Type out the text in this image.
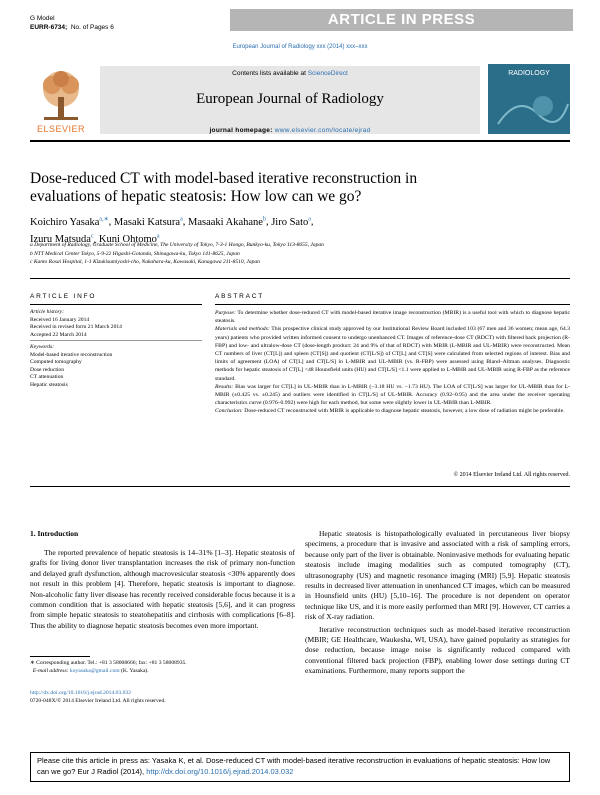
G Model
EURR-6734; No. of Pages 6	ARTICLE IN PRESS
European Journal of Radiology xxx (2014) xxx–xxx
ELSEVIER
Contents lists available at ScienceDirect
European Journal of Radiology
journal homepage: www.elsevier.com/locate/ejrad
RADIOLOGY
Dose-reduced CT with model-based iterative reconstruction in evaluations of hepatic steatosis: How low can we go?
Koichiro Yasaka$^{a,∗}$, Masaki Katsura$^a$, Masaaki Akahane$^b$, Jiro Sato$^a$,
Izuru Matsuda$^c$, Kuni Ohtomo$^a$
a Department of Radiology, Graduate School of Medicine, The University of Tokyo, 7-3-1 Hongo, Bunkyo-ku, Tokyo 113-8655, Japan
b NTT Medical Center Tokyo, 5-9-22 Higashi-Gotanda, Shinagawa-ku, Tokyo 141-8625, Japan
c Kanto Rosai Hospital, 1-1 Kizukisumiyoshi-cho, Nakahara-ku, Kawasaki, Kanagawa 211-8510, Japan
ARTICLE INFO
Article history:
Received 16 January 2014
Received in revised form 21 March 2014
Accepted 22 March 2014
Keywords:
Model-based iterative reconstruction
Computed tomography
Dose reduction
CT attenuation
Hepatic steatosis
ABSTRACT
Purpose: To determine whether dose-reduced CT with model-based iterative image reconstruction (MBIR) is a useful tool with which to diagnose hepatic steatosis.
Materials and methods: This prospective clinical study approved by our Institutional Review Board included 103 (67 men and 36 women; mean age, 64.3 years) patients who provided written informed consent to undergo unenhanced CT. Images of reference-dose CT (RDCT) with filtered back projection (R-FBP) and low- and ultralow-dose CT (dose-length product: 24 and 9% of that of RDCT) with MBIR (L-MBIR and UL-MBIR) were reconstructed. Mean CT numbers of liver (CT[L]) and spleen (CT[S]) and quotient (CT[L/S]) of CT[L] and CT[S] were calculated from selected regions of interest. Bias and limits of agreement (LOA) of CT[L] and CT[L/S] in L-MBIR and UL-MBIR (vs. R-FBP) were assessed using Bland–Altman analyses. Diagnostic methods for hepatic steatosis of CT[L] <48 Hounsfield units (HU) and CT[L/S] <1.1 were applied to L-MBIR and UL-MBIR using R-FBP as the reference standard.
Results: Bias was larger for CT[L] in UL-MBIR than in L-MBIR (−3.18 HU vs. −1.73 HU). The LOA of CT[L/S] was larger for UL-MBIR than for L-MBIR (±0.425 vs. ±0.245) and outliers were identified in CT[L/S] of UL-MBIR. Accuracy (0.92–0.95) and the area under the receiver operating characteristics curve (0.976–0.992) were high for each method, but some were slightly lower in UL-MBIR than L-MBIR.
Conclusion: Dose-reduced CT reconstructed with MBIR is applicable to diagnose hepatic steatosis, however, a low dose of radiation might be preferable.
© 2014 Elsevier Ireland Ltd. All rights reserved.
1. Introduction

The reported prevalence of hepatic steatosis is 14–31% [1–3]. Hepatic steatosis of grafts for living donor liver transplantation increases the risk of primary non-function and delayed graft dysfunction, although macrovesicular steatosis <30% apparently does not result in this problem [4]. Therefore, hepatic steatosis is important to diagnose. Non-alcoholic fatty liver disease has recently received considerable focus because it is a common condition that is associated with hepatic steatosis [5,6], and it can progress from simple hepatic steatosis to steatohepatitis and cirrhosis with complications [6–8]. Thus the ability to diagnose hepatic steatosis becomes even more important.

Hepatic steatosis is histopathologically evaluated in percutaneous liver biopsy specimens, a procedure that is invasive and associated with a risk of sampling errors, because only part of the liver is obtainable. Noninvasive methods for evaluating hepatic steatosis include imaging modalities such as computed tomography (CT), ultrasonography (US) and magnetic resonance imaging (MRI) [5,9]. Hepatic steatosis results in decreased liver attenuation in unenhanced CT images, which can be measured in Hounsfield units (HU) [5,10–16]. The procedure is not dependent on operator technique like US, and it is more easily performed than MRI [9]. However, CT carries a risk of X-ray radiation.

Iterative reconstruction techniques such as model-based iterative reconstruction (MBIR; GE Healthcare, Waukesha, WI, USA), have gained popularity as strategies for dose reduction, because image noise is significantly reduced compared with conventional filtered back projection (FBP), enabling lower dose settings during CT examinations. Furthermore, many reports support the

∗ Corresponding author. Tel.: +81 3 58008666; fax: +81 3 58008935.
E-mail address: koyasaka@gmail.com (K. Yasaka).
http://dx.doi.org/10.1016/j.ejrad.2014.03.032
0720-048X/© 2014 Elsevier Ireland Ltd. All rights reserved.
Please cite this article in press as: Yasaka K, et al. Dose-reduced CT with model-based iterative reconstruction in evaluations of hepatic steatosis: How low can we go? Eur J Radiol (2014), http://dx.doi.org/10.1016/j.ejrad.2014.03.032
